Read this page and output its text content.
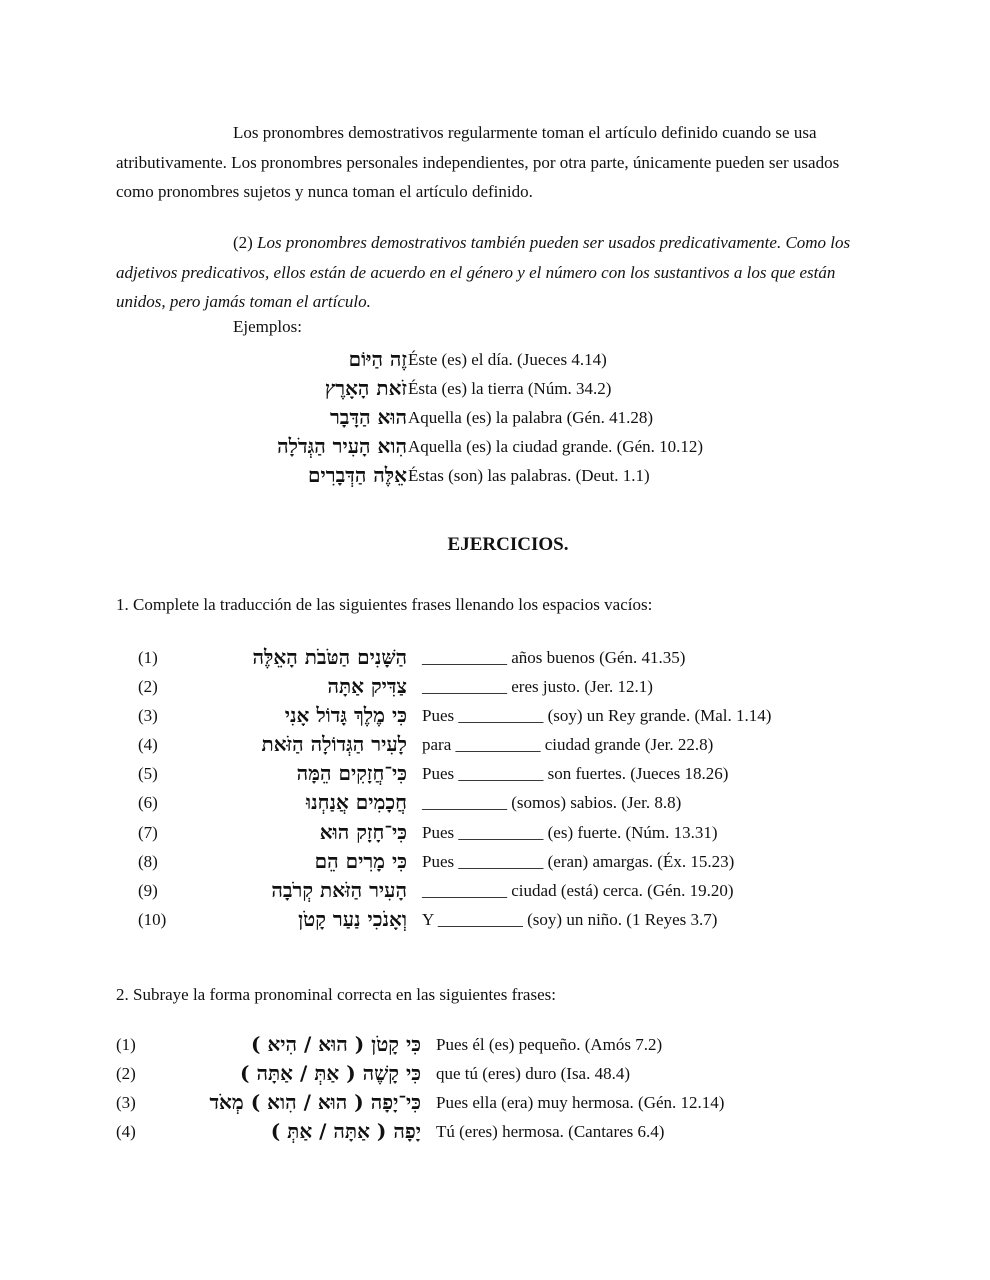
Los pronombres demostrativos regularmente toman el artículo definido cuando se usa atributivamente. Los pronombres personales independientes, por otra parte, únicamente pueden ser usados como pronombres sujetos y nunca toman el artículo definido.

(2) Los pronombres demostrativos también pueden ser usados predicativamente. Como los adjetivos predicativos, ellos están de acuerdo en el género y el número con los sustantivos a los que están unidos, pero jamás toman el artículo.

Ejemplos:
זֶה הַיּוֹם Éste (es) el día. (Jueces 4.14)
זֹאת הָאָרֶץ Ésta (es) la tierra (Núm. 34.2)
הוּא הַדָּבָר Aquella (es) la palabra (Gén. 41.28)
הִוא הָעִיר הַגְּדֹלָה Aquella (es) la ciudad grande. (Gén. 10.12)
אֵלֶּה הַדְּבָרִים Éstas (son) las palabras. (Deut. 1.1)
EJERCICIOS.
1. Complete la traducción de las siguientes frases llenando los espacios vacíos:
(1)	הַשָּׁנִים הַטֹּבֹת הָאֵלֶּה __________ años buenos (Gén. 41.35)
(2)	צַדִּיק אַתָּה __________ eres justo. (Jer. 12.1)
(3)	כִּי מֶלֶךְ גָּדוֹל אָנִי Pues __________ (soy) un Rey grande. (Mal. 1.14)
(4)	לָעִיר הַגְּדוֹלָה הַזֹּאת para __________ ciudad grande (Jer. 22.8)
(5)	כִּי־חֲזָקִים הֵמָּה Pues __________ son fuertes. (Jueces 18.26)
(6)	חֲכָמִים אֲנַחְנוּ __________ (somos) sabios. (Jer. 8.8)
(7)	כִּי־חָזָק הוּא Pues __________ (es) fuerte. (Núm. 13.31)
(8)	כִּי מָרִים הֵם Pues __________ (eran) amargas. (Éx. 15.23)
(9)	הָעִיר הַזֹּאת קְרֹבָה __________ ciudad (está) cerca. (Gén. 19.20)
(10)	וְאָנֹכִי נַעַר קָטֹן Y __________ (soy) un niño. (1 Reyes 3.7)
2. Subraye la forma pronominal correcta en las siguientes frases:
(1)	כִּי קָטֹן ( הוּא / הִיא ) Pues él (es) pequeño. (Amós 7.2)
(2)	כִּי קָשֶׁה ( אַתְּ / אַתָּה ) que tú (eres) duro (Isa. 48.4)
(3)	כִּי־יָפָה ( הוּא / הִוא ) מְאֹד Pues ella (era) muy hermosa. (Gén. 12.14)
(4)	יָפָה ( אַתָּה / אַתְּ ) Tú (eres) hermosa. (Cantares 6.4)
